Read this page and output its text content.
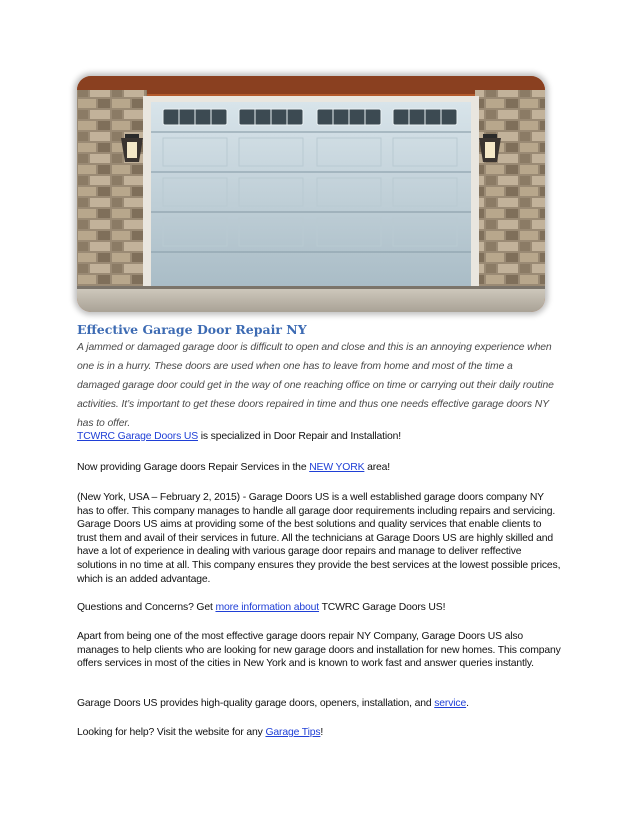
Effective Garage Door Repair NY
A jammed or damaged garage door is difficult to open and close and this is an annoying experience when one is in a hurry. These doors are used when one has to leave from home and most of the time a damaged garage door could get in the way of one reaching office on time or carrying out their daily routine activities. It’s important to get these doors repaired in time and thus one needs effective garage doors NY has to offer.
TCWRC Garage Doors US is specialized in Door Repair and Installation!
Now providing Garage doors Repair Services in the NEW YORK area!
(New York, USA – February 2, 2015) - Garage Doors US is a well established garage doors company NY has to offer. This company manages to handle all garage door requirements including repairs and servicing. Garage Doors US aims at providing some of the best solutions and quality services that enable clients to trust them and avail of their services in future. All the technicians at Garage Doors US are highly skilled and have a lot of experience in dealing with various garage door repairs and manage to deliver reffective solutions in no time at all. This company ensures they provide the best services at the lowest possible prices, which is an added advantage.
Questions and Concerns? Get more information about TCWRC Garage Doors US!
Apart from being one of the most effective garage doors repair NY Company, Garage Doors US also manages to help clients who are looking for new garage doors and installation for new homes. This company offers services in most of the cities in New York and is known to work fast and answer queries instantly.
Garage Doors US provides high-quality garage doors, openers, installation, and service.
Looking for help? Visit the website for any Garage Tips!
